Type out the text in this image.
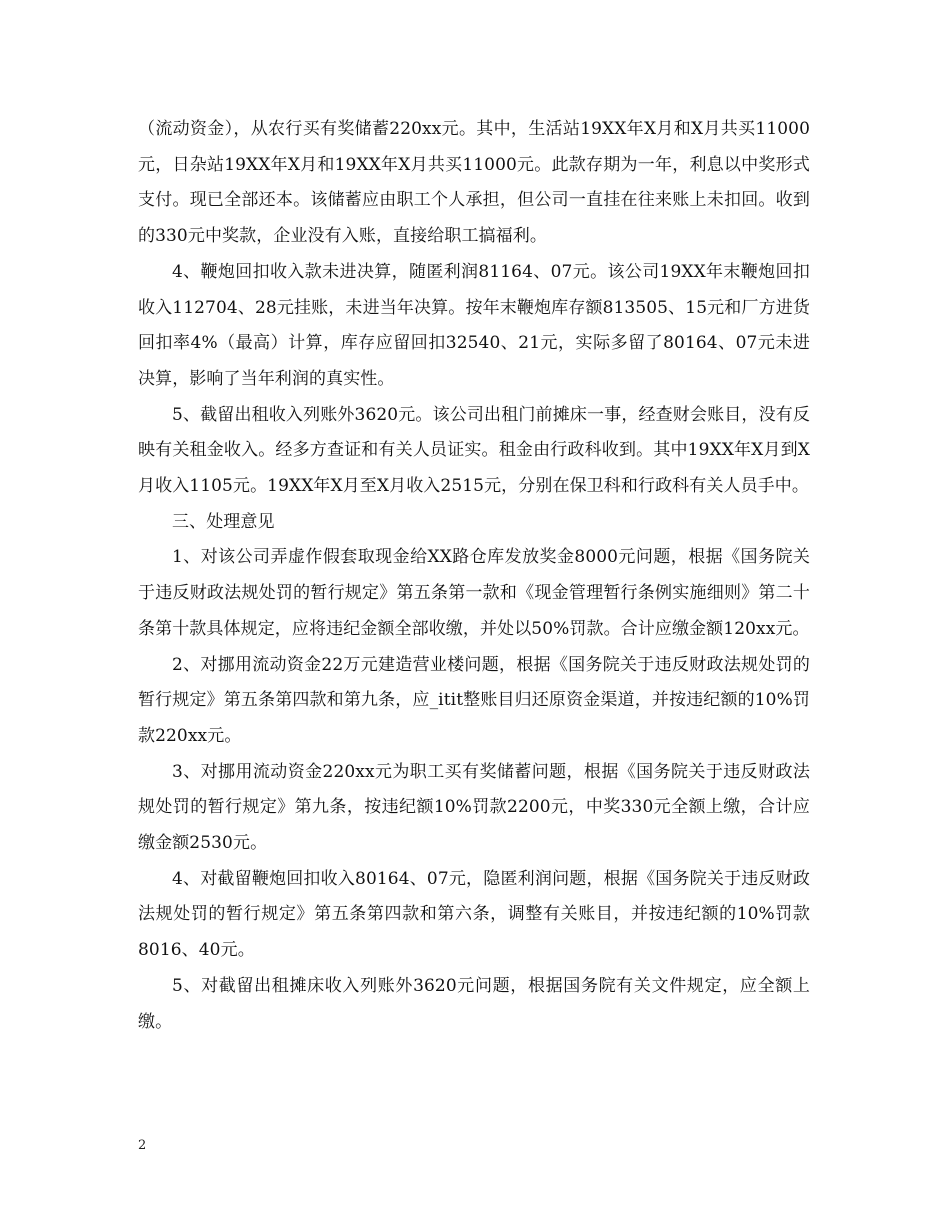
（流动资金），从农行买有奖储蓄220xx元。其中，生活站19XX年X月和X月共买11000元，日杂站19XX年X月和19XX年X月共买11000元。此款存期为一年，利息以中奖形式支付。现已全部还本。该储蓄应由职工个人承担，但公司一直挂在往来账上未扣回。收到的330元中奖款，企业没有入账，直接给职工搞福利。

4、鞭炮回扣收入款未进决算，随匿利润81164、07元。该公司19XX年末鞭炮回扣收入112704、28元挂账，未进当年决算。按年末鞭炮库存额813505、15元和厂方进货回扣率4%（最高）计算，库存应留回扣32540、21元，实际多留了80164、07元未进决算，影响了当年利润的真实性。

5、截留出租收入列账外3620元。该公司出租门前摊床一事，经查财会账目，没有反映有关租金收入。经多方查证和有关人员证实。租金由行政科收到。其中19XX年X月到X月收入1105元。19XX年X月至X月收入2515元，分别在保卫科和行政科有关人员手中。

三、处理意见

1、对该公司弄虚作假套取现金给XX路仓库发放奖金8000元问题，根据《国务院关于违反财政法规处罚的暂行规定》第五条第一款和《现金管理暂行条例实施细则》第二十条第十款具体规定，应将违纪金额全部收缴，并处以50%罚款。合计应缴金额120xx元。

2、对挪用流动资金22万元建造营业楼问题，根据《国务院关于违反财政法规处罚的暂行规定》第五条第四款和第九条，应_itit整账目归还原资金渠道，并按违纪额的10%罚款220xx元。

3、对挪用流动资金220xx元为职工买有奖储蓄问题，根据《国务院关于违反财政法规处罚的暂行规定》第九条，按违纪额10%罚款2200元，中奖330元全额上缴，合计应缴金额2530元。

4、对截留鞭炮回扣收入80164、07元，隐匿利润问题，根据《国务院关于违反财政法规处罚的暂行规定》第五条第四款和第六条，调整有关账目，并按违纪额的10%罚款8016、40元。

5、对截留出租摊床收入列账外3620元问题，根据国务院有关文件规定，应全额上缴。

2
